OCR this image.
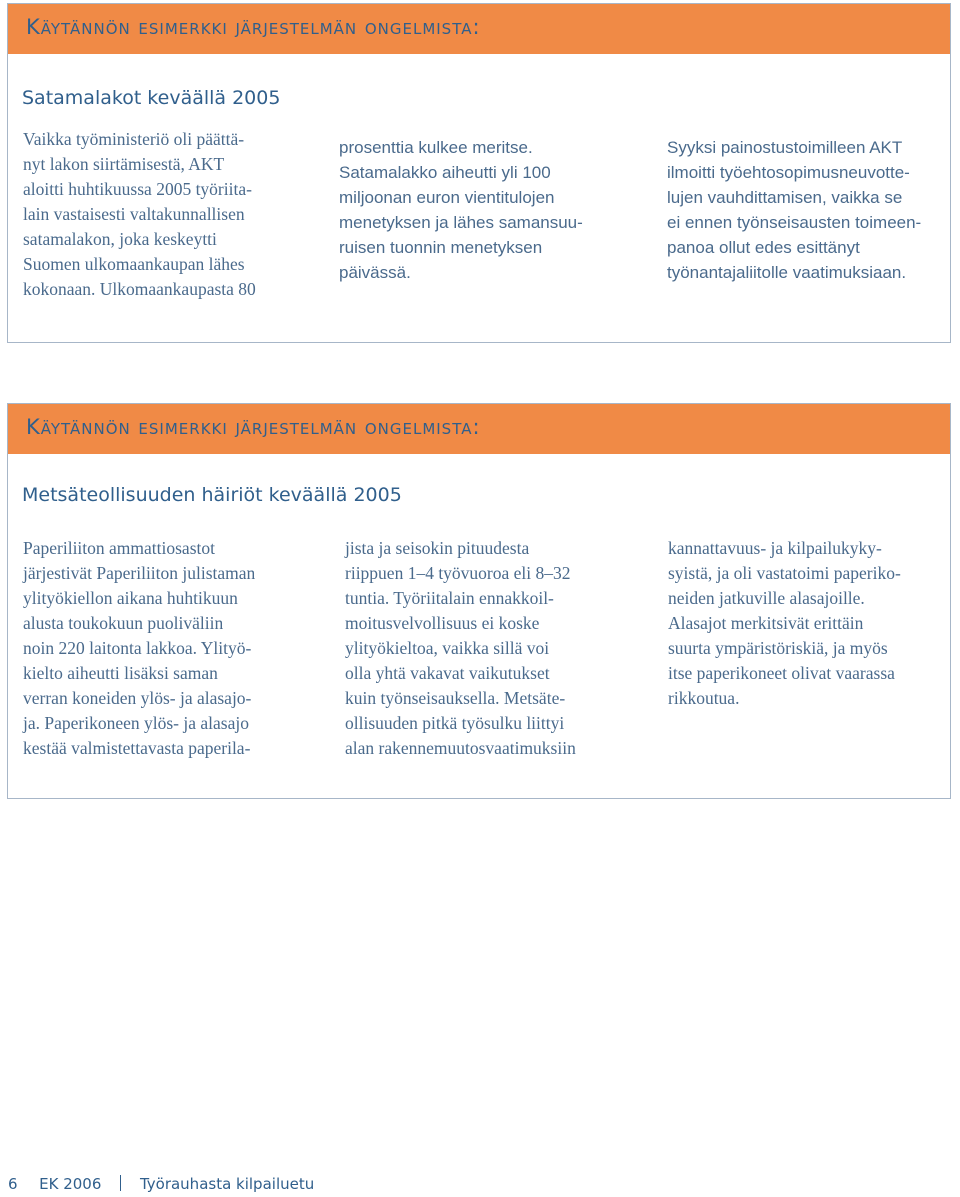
Käytännön esimerkki järjestelmän ongelmista:
Satamalakot keväällä 2005
Vaikka työministeriö oli päättä-
nyt lakon siirtämisestä, AKT
aloitti huhtikuussa 2005 työriita-
lain vastaisesti valtakunnallisen
satamalakon, joka keskeytti
Suomen ulkomaankaupan lähes
kokonaan. Ulkomaankaupasta 80
prosenttia kulkee meritse.
Satamalakko aiheutti yli 100
miljoonan euron vientitulojen
menetyksen ja lähes samansuu-
ruisen tuonnin menetyksen
päivässä.
Syyksi painostustoimilleen AKT
ilmoitti työehtosopimusneuvotte-
lujen vauhdittamisen, vaikka se
ei ennen työnseisausten toimeen-
panoa ollut edes esittänyt
työnantajaliitolle vaatimuksiaan.
Käytännön esimerkki järjestelmän ongelmista:
Metsäteollisuuden häiriöt keväällä 2005
Paperiliiton ammattiosastot
järjestivät Paperiliiton julistaman
ylityökiellon aikana huhtikuun
alusta toukokuun puoliväliin
noin 220 laitonta lakkoa. Ylityö-
kielto aiheutti lisäksi saman
verran koneiden ylös- ja alasajo-
ja. Paperikoneen ylös- ja alasajo
kestää valmistettavasta paperila-
jista ja seisokin pituudesta
riippuen 1–4 työvuoroa eli 8–32
tuntia. Työriitalain ennakkoil-
moitusvelvollisuus ei koske
ylityökieltoa, vaikka sillä voi
olla yhtä vakavat vaikutukset
kuin työnseisauksella. Metsäte-
ollisuuden pitkä työsulku liittyi
alan rakennemuutosvaatimuksiin
kannattavuus- ja kilpailukyky-
syistä, ja oli vastatoimi paperiko-
neiden jatkuville alasajoille.
Alasajot merkitsivät erittäin
suurta ympäristöriskiä, ja myös
itse paperikoneet olivat vaarassa
rikkoutua.
6 EK 2006	Työrauhasta kilpailuetu
